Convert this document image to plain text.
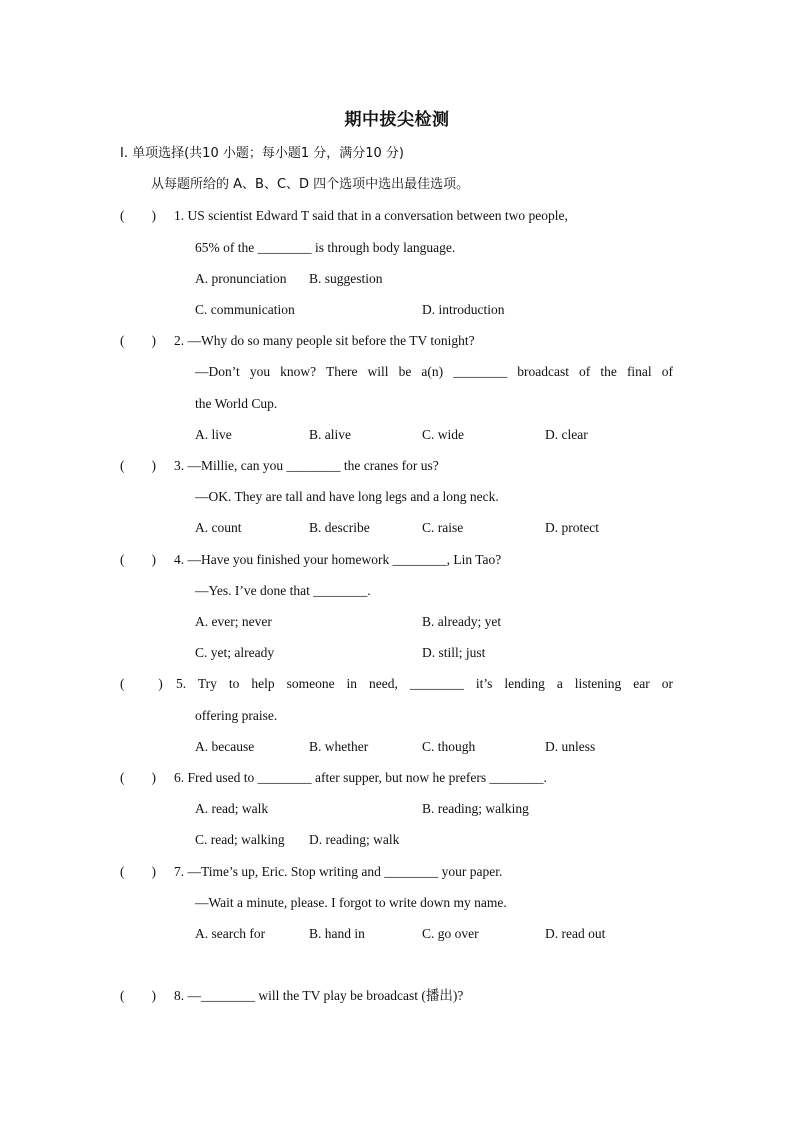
期中拔尖检测
I. 单项选择(共10 小题；每小题1 分，满分10 分)
从每题所给的 A、B、C、D 四个选项中选出最佳选项。
(        ) 1. US scientist Edward T said that in a conversation between two people,
65% of the ________ is through body language.
A. pronunciation B. suggestion
C. communication	D. introduction
(        ) 2. —Why do so many people sit before the TV tonight?
—Don’t you know? There will be a(n) ________ broadcast of the final of
the World Cup.
A. live	B. alive	C. wide	D. clear
(        ) 3. —Millie, can you ________ the cranes for us?
—OK. They are tall and have long legs and a long neck.
A. count	B. describe	C. raise	D. protect
(        ) 4. —Have you finished your homework ________, Lin Tao?
—Yes. I’ve done that ________.
A. ever; never	B. already; yet
C. yet; already	D. still; just
(          ) 5. Try to help someone in need, ________ it’s lending a listening ear or
offering praise.
A. because	B. whether	C. though	D. unless
(        ) 6. Fred used to ________ after supper, but now he prefers ________.
A. read; walk	B. reading; walking
C. read; walking D. reading; walk
(        ) 7. —Time’s up, Eric. Stop writing and ________ your paper.
—Wait a minute, please. I forgot to write down my name.
A. search for	B. hand in	C. go over	D. read out
(        ) 8. —________ will the TV play be broadcast (播出)?
